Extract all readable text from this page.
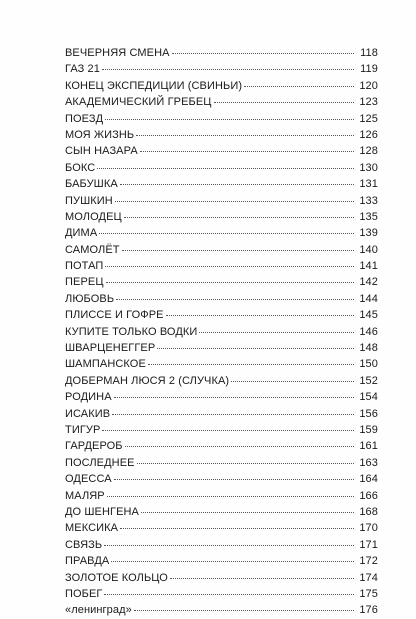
ВЕЧЕРНЯЯ СМЕНА	118
ГАЗ 21	119
КОНЕЦ ЭКСПЕДИЦИИ (СВИНЬИ)	120
АКАДЕМИЧЕСКИЙ ГРЕБЕЦ	123
ПОЕЗД	125
МОЯ ЖИЗНЬ	126
СЫН НАЗАРА	128
БОКС	130
БАБУШКА	131
ПУШКИН	133
МОЛОДЕЦ	135
ДИМА	139
САМОЛЁТ	140
ПОТАП	141
ПЕРЕЦ	142
ЛЮБОВЬ	144
ПЛИССЕ И ГОФРЕ	145
КУПИТЕ ТОЛЬКО ВОДКИ	146
ШВАРЦЕНЕГГЕР	148
ШАМПАНСКОЕ	150
ДОБЕРМАН ЛЮСЯ 2 (СЛУЧКА)	152
РОДИНА	154
ИСАКИВ	156
ТИГУР	159
ГАРДЕРОБ	161
ПОСЛЕДНЕЕ	163
ОДЕССА	164
МАЛЯР	166
ДО ШЕНГЕНА	168
МЕКСИКА	170
СВЯЗЬ	171
ПРАВДА	172
ЗОЛОТОЕ КОЛЬЦО	174
ПОБЕГ	175
«ленинград»	176
